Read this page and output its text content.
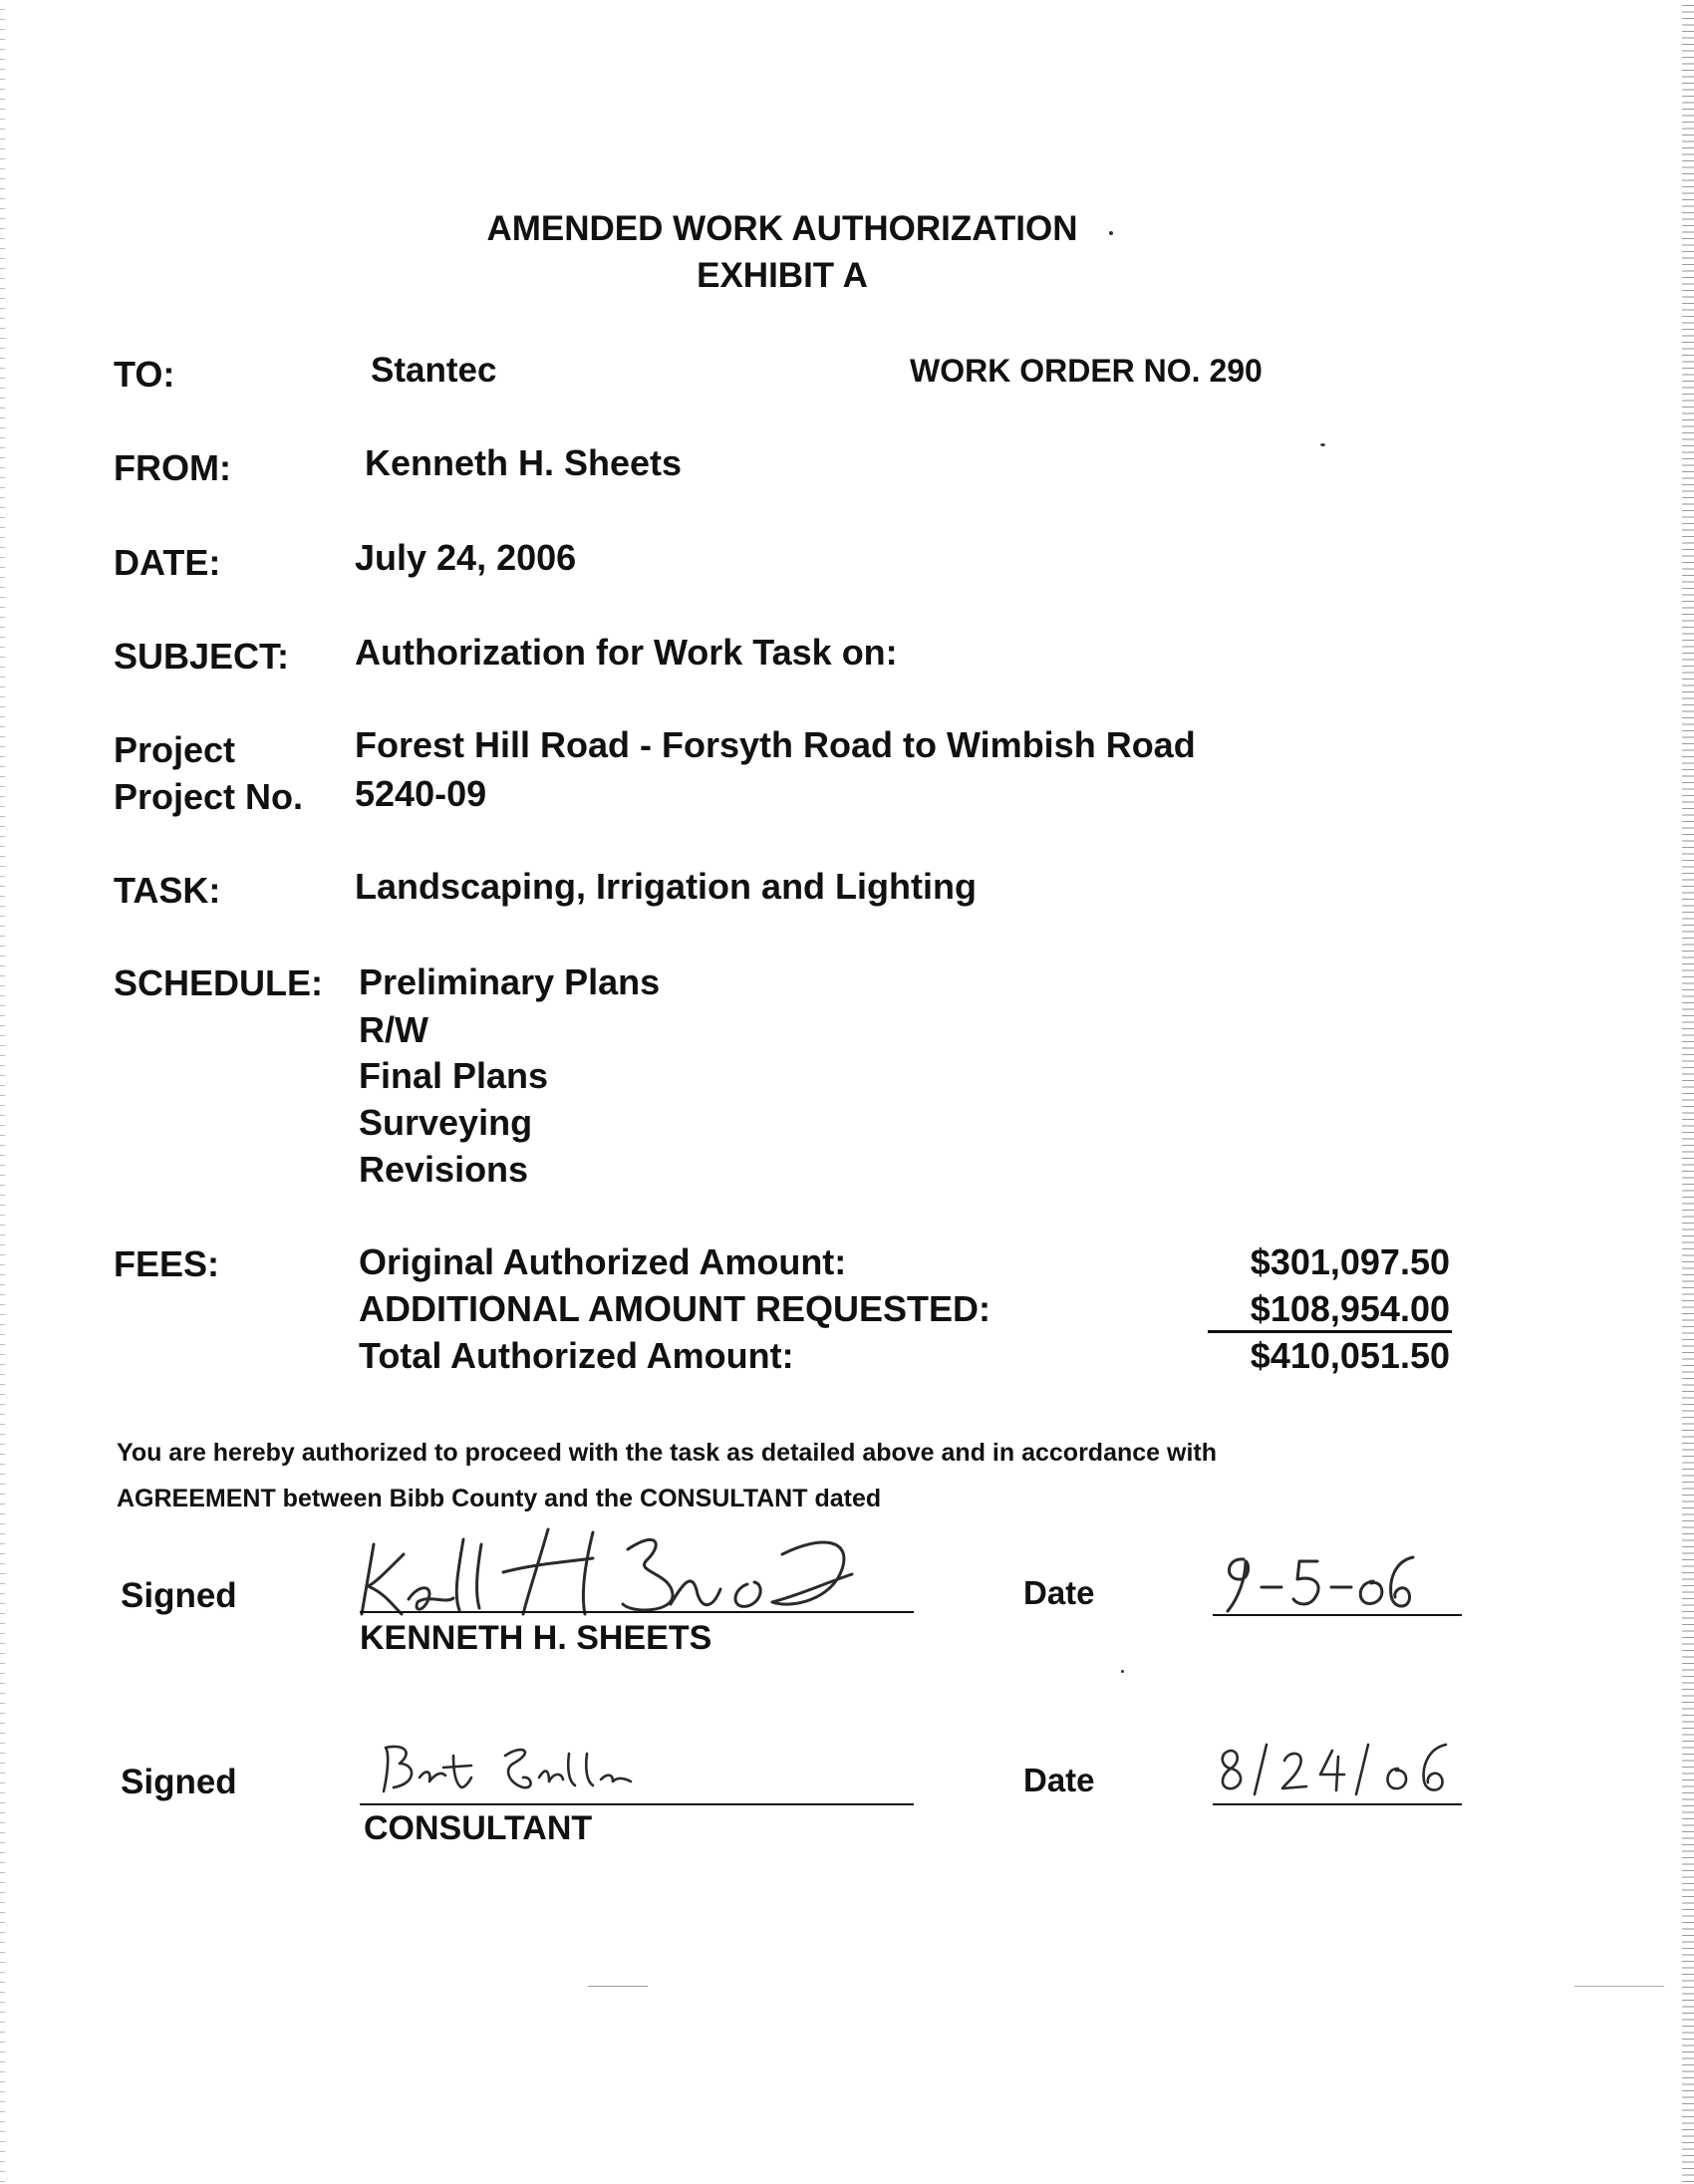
AMENDED WORK AUTHORIZATION
EXHIBIT A
TO:	Stantec	WORK ORDER NO. 290
FROM:	Kenneth H. Sheets
DATE:	July 24, 2006
SUBJECT: Authorization for Work Task on:
Project	Forest Hill Road - Forsyth Road to Wimbish Road
Project No. 5240-09
TASK:	Landscaping, Irrigation and Lighting
SCHEDULE: Preliminary Plans
R/W
Final Plans
Surveying
Revisions
FEES:	Original Authorized Amount:	$301,097.50
ADDITIONAL AMOUNT REQUESTED:	$108,954.00
Total Authorized Amount:	$410,051.50
You are hereby authorized to proceed with the task as detailed above and in accordance with
AGREEMENT between Bibb County and the CONSULTANT dated
Signed
KENNETH H. SHEETS
Date
Signed
CONSULTANT
Date
